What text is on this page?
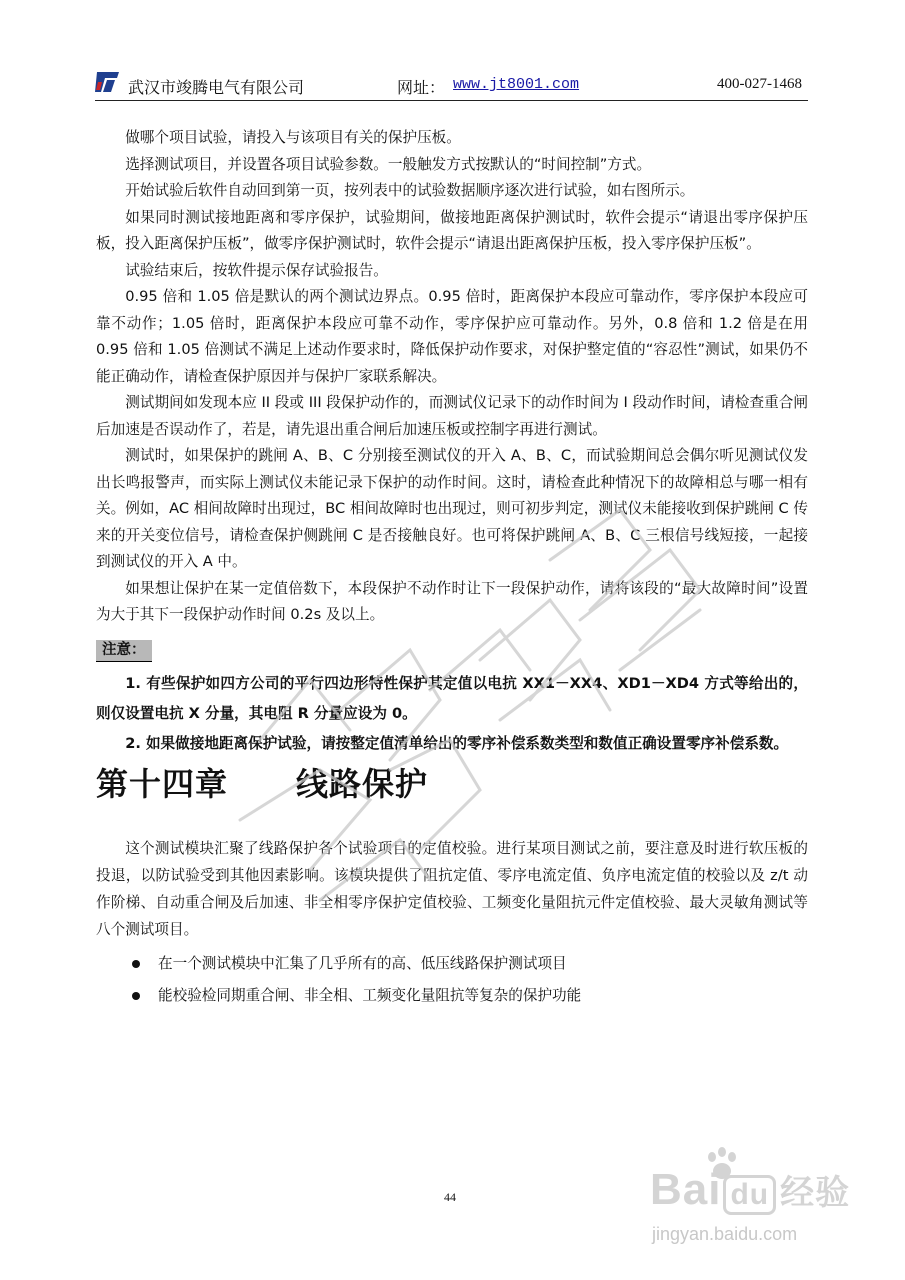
武汉市竣腾电气有限公司	网址： www.jt8001.com	400-027-1468

做哪个项目试验，请投入与该项目有关的保护压板。

选择测试项目，并设置各项目试验参数。一般触发方式按默认的“时间控制”方式。

开始试验后软件自动回到第一页，按列表中的试验数据顺序逐次进行试验，如右图所示。

如果同时测试接地距离和零序保护，试验期间，做接地距离保护测试时，软件会提示“请退出零序保护压板，投入距离保护压板”，做零序保护测试时，软件会提示“请退出距离保护压板，投入零序保护压板”。

试验结束后，按软件提示保存试验报告。

0.95 倍和 1.05 倍是默认的两个测试边界点。0.95 倍时，距离保护本段应可靠动作，零序保护本段应可靠不动作；1.05 倍时，距离保护本段应可靠不动作，零序保护应可靠动作。另外，0.8 倍和 1.2 倍是在用 0.95 倍和 1.05 倍测试不满足上述动作要求时，降低保护动作要求，对保护整定值的“容忍性”测试，如果仍不能正确动作，请检查保护原因并与保护厂家联系解决。

测试期间如发现本应 II 段或 III 段保护动作的，而测试仪记录下的动作时间为 I 段动作时间，请检查重合闸后加速是否误动作了，若是，请先退出重合闸后加速压板或控制字再进行测试。

测试时，如果保护的跳闸 A、B、C 分别接至测试仪的开入 A、B、C，而试验期间总会偶尔听见测试仪发出长鸣报警声，而实际上测试仪未能记录下保护的动作时间。这时，请检查此种情况下的故障相总与哪一相有关。例如，AC 相间故障时出现过，BC 相间故障时也出现过，则可初步判定，测试仪未能接收到保护跳闸 C 传来的开关变位信号，请检查保护侧跳闸 C 是否接触良好。也可将保护跳闸 A、B、C 三根信号线短接，一起接到测试仪的开入 A 中。

如果想让保护在某一定值倍数下，本段保护不动作时让下一段保护动作，请将该段的“最大故障时间”设置为大于其下一段保护动作时间 0.2s 及以上。

注意：

1. 有些保护如四方公司的平行四边形特性保护其定值以电抗 XX1－XX4、XD1－XD4 方式等给出的，则仅设置电抗 X 分量，其电阻 R 分量应设为 0。

2. 如果做接地距离保护试验，请按整定值清单给出的零序补偿系数类型和数值正确设置零序补偿系数。

第十四章 线路保护

这个测试模块汇聚了线路保护各个试验项目的定值校验。进行某项目测试之前，要注意及时进行软压板的投退，以防试验受到其他因素影响。该模块提供了阻抗定值、零序电流定值、负序电流定值的校验以及 z/t 动作阶梯、自动重合闸及后加速、非全相零序保护定值校验、工频变化量阻抗元件定值校验、最大灵敏角测试等八个测试项目。

在一个测试模块中汇集了几乎所有的高、低压线路保护测试项目
能校验检同期重合闸、非全相、工频变化量阻抗等复杂的保护功能
44	Bai du 经验
jingyan.baidu.com
